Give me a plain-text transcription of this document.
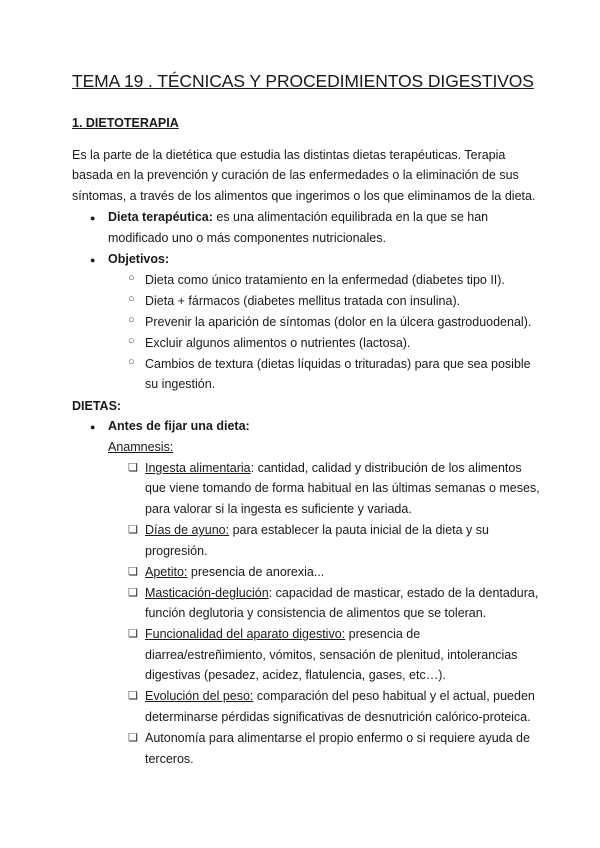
TEMA 19 . TÉCNICAS Y PROCEDIMIENTOS DIGESTIVOS
1. DIETOTERAPIA
Es la parte de la dietética que estudia las distintas dietas terapéuticas. Terapia
basada en la prevención y curación de las enfermedades o la eliminación de sus
síntomas, a través de los alimentos que ingerimos o los que eliminamos de la dieta.
● Dieta terapéutica: es una alimentación equilibrada en la que se han
modificado uno o más componentes nutricionales.
● Objetivos:
○ Dieta como único tratamiento en la enfermedad (diabetes tipo II).
○ Dieta + fármacos (diabetes mellitus tratada con insulina).
○ Prevenir la aparición de síntomas (dolor en la úlcera gastroduodenal).
○ Excluir algunos alimentos o nutrientes (lactosa).
○ Cambios de textura (dietas líquidas o trituradas) para que sea posible
su ingestión.
DIETAS:
● Antes de fijar una dieta:
Anamnesis:
❏ Ingesta alimentaria: cantidad, calidad y distribución de los alimentos
que viene tomando de forma habitual en las últimas semanas o meses,
para valorar si la ingesta es suficiente y variada.
❏ Días de ayuno: para establecer la pauta inicial de la dieta y su
progresión.
❏ Apetito: presencia de anorexia...
❏ Masticación-deglución: capacidad de masticar, estado de la dentadura,
función deglutoria y consistencia de alimentos que se toleran.
❏ Funcionalidad del aparato digestivo: presencia de
diarrea/estreñimiento, vómitos, sensación de plenitud, intolerancias
digestivas (pesadez, acidez, flatulencia, gases, etc…).
❏ Evolución del peso: comparación del peso habitual y el actual, pueden
determinarse pérdidas significativas de desnutrición calórico-proteica.
❏ Autonomía para alimentarse el propio enfermo o si requiere ayuda de
terceros.
